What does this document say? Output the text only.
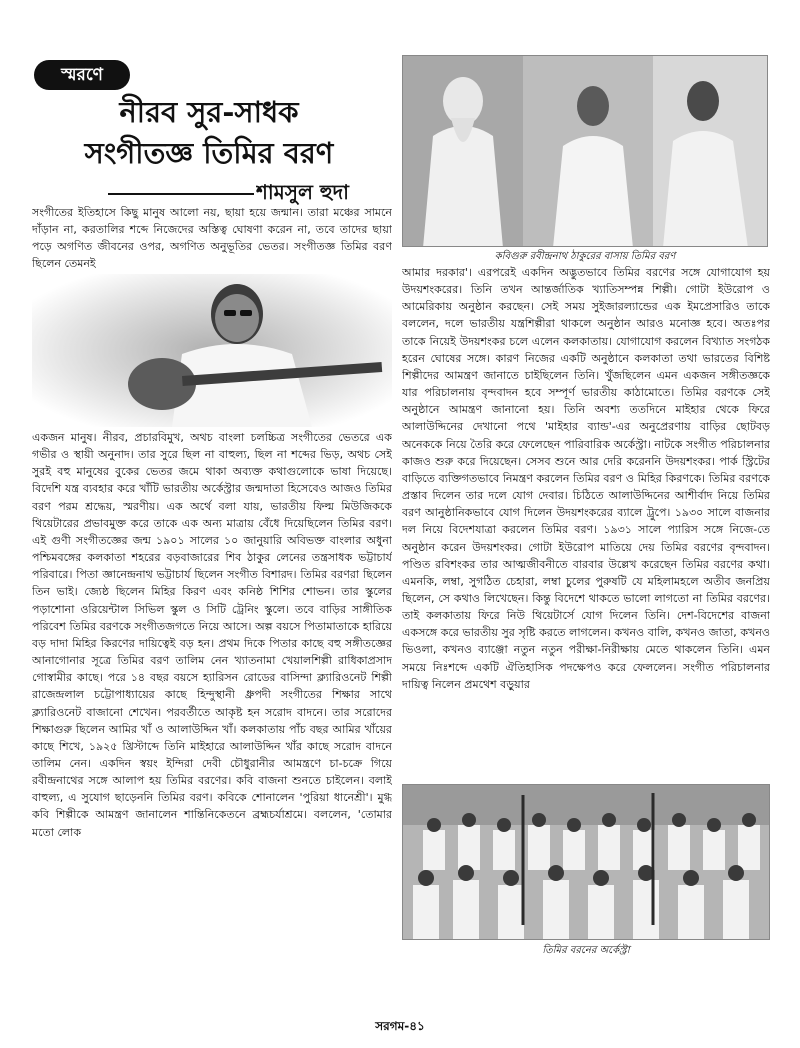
স্মরণে
নীরব সুর-সাধক
সংগীতজ্ঞ তিমির বরণ
শামসুল হুদা

সংগীতের ইতিহাসে কিছু মানুষ আলো নয়, ছায়া হয়ে জন্মান। তারা মঞ্চের সামনে দাঁড়ান না, করতালির শব্দে নিজেদের অস্তিত্ব ঘোষণা করেন না, তবে তাদের ছায়া পড়ে অগণিত জীবনের ওপর, অগণিত অনুভূতির ভেতর। সংগীতজ্ঞ তিমির বরণ ছিলেন তেমনই

কবিগুরু রবীন্দ্রনাথ ঠাকুরের বাসায় তিমির বরণ

একজন মানুষ। নীরব, প্রচারবিমুখ, অথচ বাংলা চলচ্চিত্র সংগীতের ভেতরে এক গভীর ও স্থায়ী অনুনাদ। তার সুরে ছিল না বাহুল্য, ছিল না শব্দের ভিড়, অথচ সেই সুরই বহু মানুষের বুকের ভেতর জমে থাকা অব্যক্ত কথাগুলোকে ভাষা দিয়েছে। বিদেশি যন্ত্র ব্যবহার করে খাঁটি ভারতীয় অর্কেস্ট্রার জন্মদাতা হিসেবেও আজও তিমির বরণ পরম শ্রদ্ধেয়, স্মরণীয়। এক অর্থে বলা যায়, ভারতীয় ফিল্ম মিউজিককে থিয়েটারের প্রভাবমুক্ত করে তাকে এক অন্য মাত্রায় বেঁধে দিয়েছিলেন তিমির বরণ। এই গুণী সংগীতজ্ঞের জন্ম ১৯০১ সালের ১০ জানুয়ারি অবিভক্ত বাংলার অধুনা পশ্চিমবঙ্গের কলকাতা শহরের বড়বাজারের শিব ঠাকুর লেনের তন্ত্রসাধক ভট্টাচার্য পরিবারে। পিতা জ্ঞানেন্দ্রনাথ ভট্টাচার্য ছিলেন সংগীত বিশারদ। তিমির বরণরা ছিলেন তিন ভাই। জ্যেষ্ঠ ছিলেন মিহির কিরণ এবং কনিষ্ঠ শিশির শোভন। তার স্কুলের পড়াশোনা ওরিয়েন্টাল সিভিল স্কুল ও সিটি ট্রেনিং স্কুলে। তবে বাড়ির সাঙ্গীতিক পরিবেশ তিমির বরণকে সংগীতজগতে নিয়ে আসে। অল্প বয়সে পিতামাতাকে হারিয়ে বড় দাদা মিহির কিরণের দায়িত্বেই বড় হন। প্রথম দিকে পিতার কাছে বহু সঙ্গীতজ্ঞের আনাগোনার সূত্রে তিমির বরণ তালিম নেন খ্যাতনামা খেয়ালশিল্পী রাধিকাপ্রসাদ গোস্বামীর কাছে। পরে ১৪ বছর বয়সে হ্যারিসন রোডের বাসিন্দা ক্ল্যারিওনেট শিল্পী রাজেন্দ্রলাল চট্টোপাধ্যায়ের কাছে হিন্দুস্থানী ধ্রুপদী সংগীতের শিক্ষার সাথে ক্ল্যারিওনেট বাজানো শেখেন। পরবর্তীতে আকৃষ্ট হন সরোদ বাদনে। তার সরোদের শিক্ষাগুরু ছিলেন আমির খাঁ ও আলাউদ্দিন খাঁ। কলকাতায় পাঁচ বছর আমির খাঁয়ের কাছে শিখে, ১৯২৫ খ্রিস্টাব্দে তিনি মাইহারে আলাউদ্দিন খাঁর কাছে সরোদ বাদনে তালিম নেন। একদিন স্বয়ং ইন্দিরা দেবী চৌধুরানীর আমন্ত্রণে চা-চক্রে গিয়ে রবীন্দ্রনাথের সঙ্গে আলাপ হয় তিমির বরণের। কবি বাজনা শুনতে চাইলেন। বলাই বাহুল্য, এ সুযোগ ছাড়েননি তিমির বরণ। কবিকে শোনালেন 'পুরিয়া ধানেশ্রী'। মুগ্ধ কবি শিল্পীকে আমন্ত্রণ জানালেন শান্তিনিকেতনে ব্রহ্মচর্যাশ্রমে। বললেন, 'তোমার মতো লোক

আমার দরকার'। এরপরেই একদিন অদ্ভুতভাবে তিমির বরণের সঙ্গে যোগাযোগ হয় উদয়শংকরের। তিনি তখন আন্তর্জাতিক খ্যাতিসম্পন্ন শিল্পী। গোটা ইউরোপ ও আমেরিকায় অনুষ্ঠান করছেন। সেই সময় সুইজারল্যান্ডের এক ইমপ্রেসারিও তাকে বললেন, দলে ভারতীয় যন্ত্রশিল্পীরা থাকলে অনুষ্ঠান আরও মনোজ্ঞ হবে। অতঃপর তাকে নিয়েই উদয়শংকর চলে এলেন কলকাতায়। যোগাযোগ করলেন বিখ্যাত সংগঠক হরেন ঘোষের সঙ্গে। কারণ নিজের একটি অনুষ্ঠানে কলকাতা তথা ভারতের বিশিষ্ট শিল্পীদের আমন্ত্রণ জানাতে চাইছিলেন তিনি। খুঁজছিলেন এমন একজন সঙ্গীতজ্ঞকে যার পরিচালনায় বৃন্দবাদন হবে সম্পূর্ণ ভারতীয় কাঠামোতে। তিমির বরণকে সেই অনুষ্ঠানে আমন্ত্রণ জানানো হয়। তিনি অবশ্য ততদিনে মাইহার থেকে ফিরে আলাউদ্দিনের দেখানো পথে 'মাইহার ব্যান্ড'-এর অনুপ্রেরণায় বাড়ির ছোটবড় অনেককে নিয়ে তৈরি করে ফেলেছেন পারিবারিক অর্কেস্ট্রা। নাটকে সংগীত পরিচালনার কাজও শুরু করে দিয়েছেন। সেসব শুনে আর দেরি করেননি উদয়শংকর। পার্ক স্ট্রিটের বাড়িতে ব্যক্তিগতভাবে নিমন্ত্রণ করলেন তিমির বরণ ও মিহির কিরণকে। তিমির বরণকে প্রস্তাব দিলেন তার দলে যোগ দেবার। চিঠিতে আলাউদ্দিনের আশীর্বাদ নিয়ে তিমির বরণ আনুষ্ঠানিকভাবে যোগ দিলেন উদয়শংকরের ব্যালে ট্রুপে। ১৯৩০ সালে বাজনার দল নিয়ে বিদেশযাত্রা করলেন তিমির বরণ। ১৯৩১ সালে প্যারিস সঙ্গে নিজে-তে অনুষ্ঠান করেন উদয়শংকর। গোটা ইউরোপ মাতিয়ে দেয় তিমির বরণের বৃন্দবাদন। পণ্ডিত রবিশংকর তার আত্মজীবনীতে বারবার উল্লেখ করেছেন তিমির বরণের কথা। এমনকি, লম্বা, সুগঠিত চেহারা, লম্বা চুলের পুরুষটি যে মহিলামহলে অতীব জনপ্রিয় ছিলেন, সে কথাও লিখেছেন। কিন্তু বিদেশে থাকতে ভালো লাগতো না তিমির বরণের। তাই কলকাতায় ফিরে নিউ থিয়েটার্সে যোগ দিলেন তিনি। দেশ-বিদেশের বাজনা একসঙ্গে করে ভারতীয় সুর সৃষ্টি করতে লাগলেন। কখনও বালি, কখনও জাতা, কখনও ভিওলা, কখনও ব্যাঞ্জো নতুন নতুন পরীক্ষা-নিরীক্ষায় মেতে থাকলেন তিনি। এমন সময়ে নিঃশব্দে একটি ঐতিহাসিক পদক্ষেপও করে ফেললেন। সংগীত পরিচালনার দায়িত্ব নিলেন প্রমথেশ বড়ুয়ার

তিমির বরনের অর্কেস্ট্রা
সরগম-৪১
